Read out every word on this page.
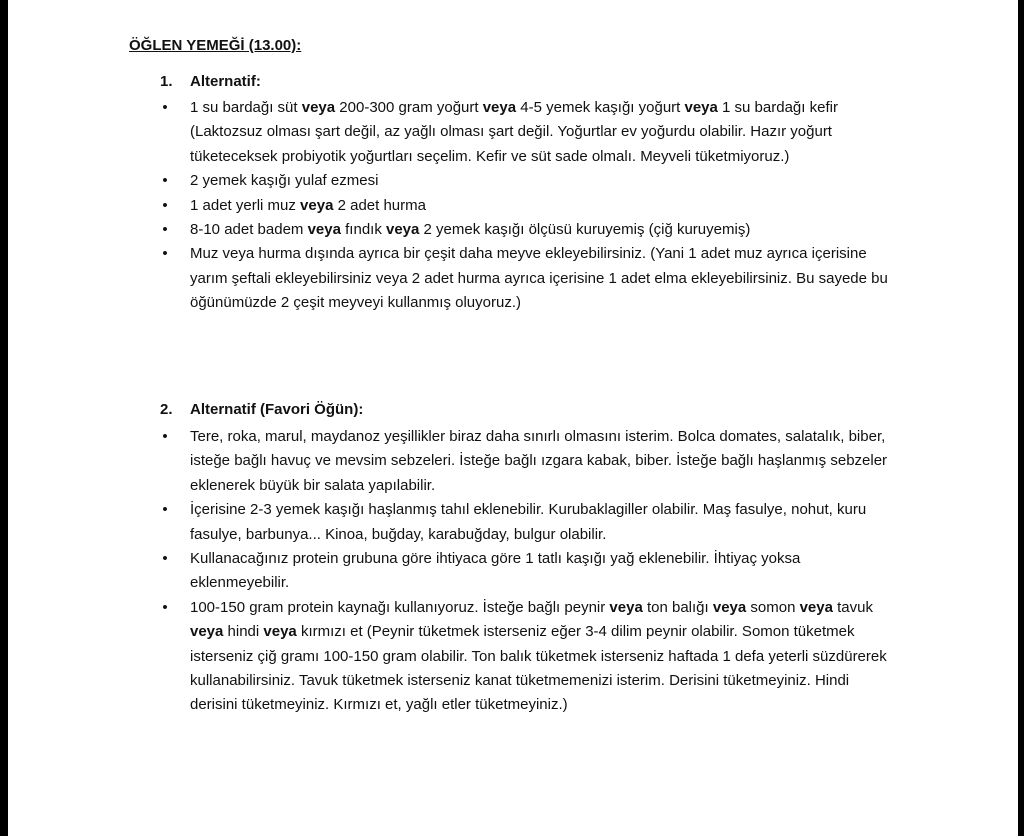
ÖĞLEN YEMEĞİ (13.00):

1. Alternatif:

• 1 su bardağı süt veya 200-300 gram yoğurt veya 4-5 yemek kaşığı yoğurt veya 1 su bardağı kefir (Laktozsuz olması şart değil, az yağlı olması şart değil. Yoğurtlar ev yoğurdu olabilir. Hazır yoğurt tüketeceksek probiyotik yoğurtları seçelim. Kefir ve süt sade olmalı. Meyveli tüketmiyoruz.)
• 2 yemek kaşığı yulaf ezmesi
• 1 adet yerli muz veya 2 adet hurma
• 8-10 adet badem veya fındık veya 2 yemek kaşığı ölçüsü kuruyemiş (çiğ kuruyemiş)
• Muz veya hurma dışında ayrıca bir çeşit daha meyve ekleyebilirsiniz. (Yani 1 adet muz ayrıca içerisine yarım şeftali ekleyebilirsiniz veya 2 adet hurma ayrıca içerisine 1 adet elma ekleyebilirsiniz. Bu sayede bu öğünümüzde 2 çeşit meyveyi kullanmış oluyoruz.)

2. Alternatif (Favori Öğün):

• Tere, roka, marul, maydanoz yeşillikler biraz daha sınırlı olmasını isterim. Bolca domates, salatalık, biber, isteğe bağlı havuç ve mevsim sebzeleri. İsteğe bağlı ızgara kabak, biber. İsteğe bağlı haşlanmış sebzeler eklenerek büyük bir salata yapılabilir.
• İçerisine 2-3 yemek kaşığı haşlanmış tahıl eklenebilir. Kurubaklagiller olabilir. Maş fasulye, nohut, kuru fasulye, barbunya... Kinoa, buğday, karabuğday, bulgur olabilir.
• Kullanacağınız protein grubuna göre ihtiyaca göre 1 tatlı kaşığı yağ eklenebilir. İhtiyaç yoksa eklenmeyebilir.
• 100-150 gram protein kaynağı kullanıyoruz. İsteğe bağlı peynir veya ton balığı veya somon veya tavuk veya hindi veya kırmızı et (Peynir tüketmek isterseniz eğer 3-4 dilim peynir olabilir. Somon tüketmek isterseniz çiğ gramı 100-150 gram olabilir. Ton balık tüketmek isterseniz haftada 1 defa yeterli süzdürerek kullanabilirsiniz. Tavuk tüketmek isterseniz kanat tüketmemenizi isterim. Derisini tüketmeyiniz. Hindi derisini tüketmeyiniz. Kırmızı et, yağlı etler tüketmeyiniz.)
